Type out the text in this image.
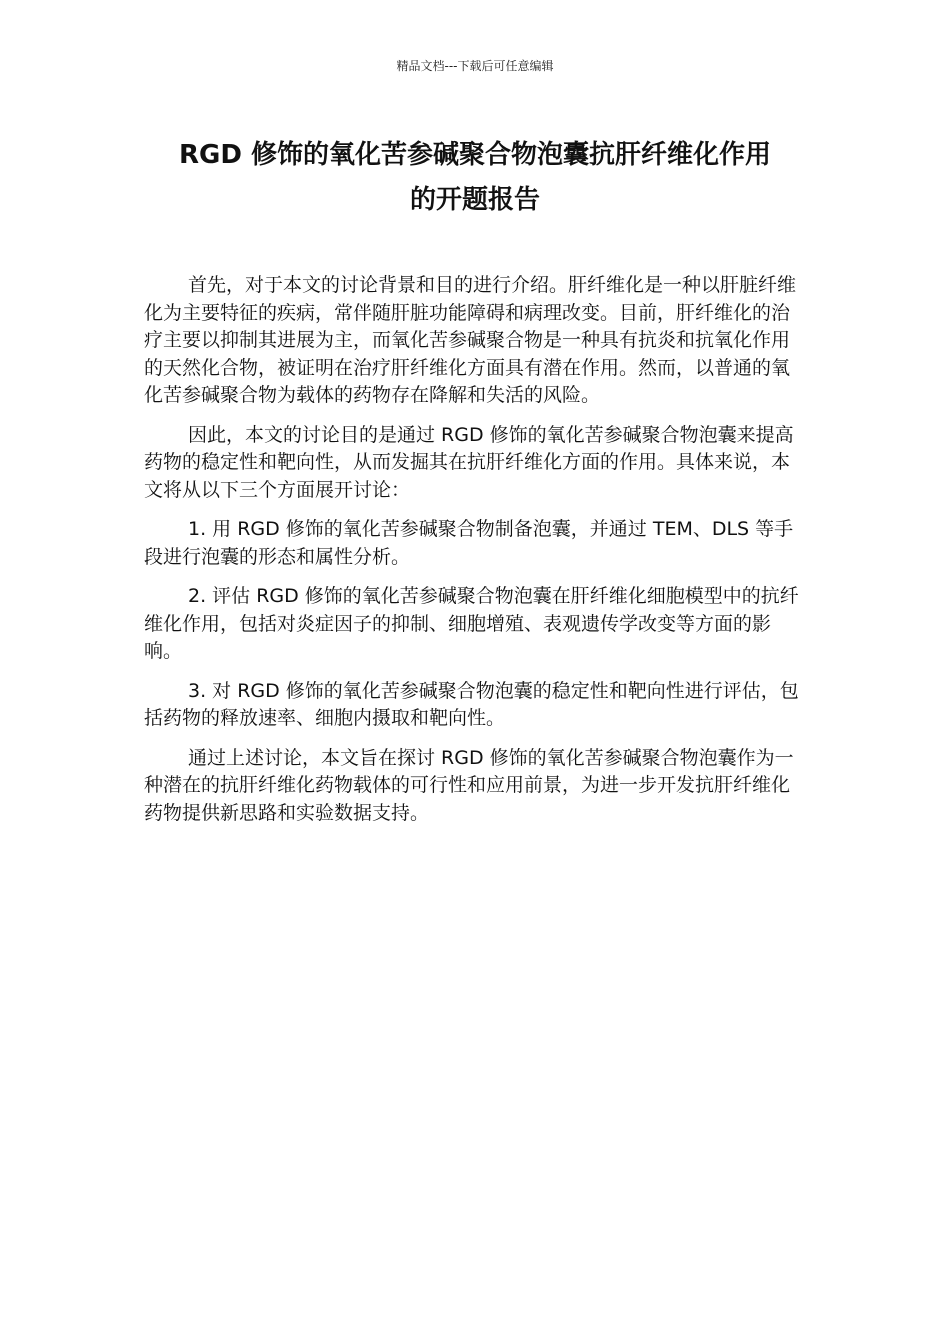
精品文档---下载后可任意编辑
RGD 修饰的氧化苦参碱聚合物泡囊抗肝纤维化作用
的开题报告

首先，对于本文的讨论背景和目的进行介绍。肝纤维化是一种以肝脏纤维化为主要特征的疾病，常伴随肝脏功能障碍和病理改变。目前，肝纤维化的治疗主要以抑制其进展为主，而氧化苦参碱聚合物是一种具有抗炎和抗氧化作用的天然化合物，被证明在治疗肝纤维化方面具有潜在作用。然而，以普通的氧化苦参碱聚合物为载体的药物存在降解和失活的风险。

因此，本文的讨论目的是通过 RGD 修饰的氧化苦参碱聚合物泡囊来提高药物的稳定性和靶向性，从而发掘其在抗肝纤维化方面的作用。具体来说，本文将从以下三个方面展开讨论：

1. 用 RGD 修饰的氧化苦参碱聚合物制备泡囊，并通过 TEM、DLS 等手段进行泡囊的形态和属性分析。

2. 评估 RGD 修饰的氧化苦参碱聚合物泡囊在肝纤维化细胞模型中的抗纤维化作用，包括对炎症因子的抑制、细胞增殖、表观遗传学改变等方面的影响。

3. 对 RGD 修饰的氧化苦参碱聚合物泡囊的稳定性和靶向性进行评估，包括药物的释放速率、细胞内摄取和靶向性。

通过上述讨论，本文旨在探讨 RGD 修饰的氧化苦参碱聚合物泡囊作为一种潜在的抗肝纤维化药物载体的可行性和应用前景，为进一步开发抗肝纤维化药物提供新思路和实验数据支持。
